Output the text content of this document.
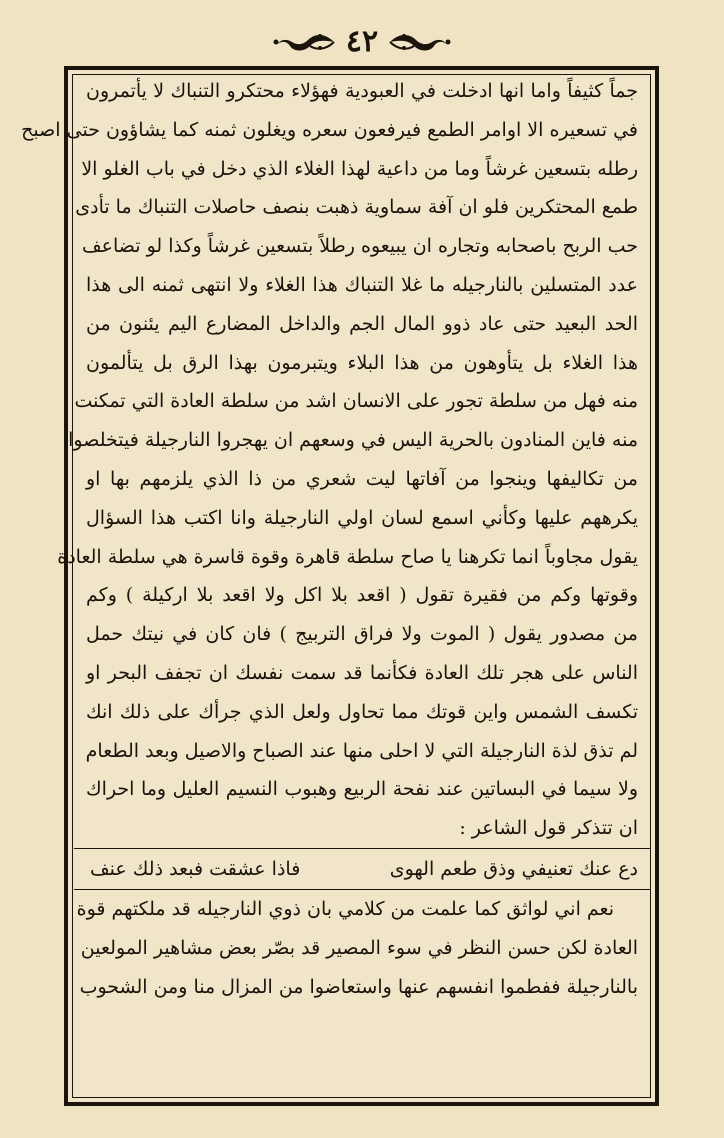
٤٢
جماً كثيفاً واما انها ادخلت في العبودية فهؤلاء محتكرو التنباك لا يأتمرون
في تسعيره الا اوامر الطمع فيرفعون سعره ويغلون ثمنه كما يشاؤون حتى اصبح
رطله بتسعين غرشاً وما من داعية لهذا الغلاء الذي دخل في باب الغلو الا
طمع المحتكرين فلو ان آفة سماوية ذهبت بنصف حاصلات التنباك ما تأدى
حب الربح باصحابه وتجاره ان يبيعوه رطلاً بتسعين غرشاً وكذا لو تضاعف
عدد المتسلين بالنارجيله ما غلا التنباك هذا الغلاء ولا انتهى ثمنه الى هذا
الحد البعيد حتى عاد ذوو المال الجم والداخل المضارع اليم يئنون من
هذا الغلاء بل يتأوهون من هذا البلاء ويتبرمون بهذا الرق بل يتألمون
منه فهل من سلطة تجور على الانسان اشد من سلطة العادة التي تمكنت
منه فاين المنادون بالحرية اليس في وسعهم ان يهجروا النارجيلة فيتخلصوا
من تكاليفها وينجوا من آفاتها ليت شعري من ذا الذي يلزمهم بها او
يكرههم عليها وكأني اسمع لسان اولي النارجيلة وانا اكتب هذا السؤال
يقول مجاوباً انما تكرهنا يا صاح سلطة قاهرة وقوة قاسرة هي سلطة العادة
وقوتها وكم من فقيرة تقول ( اقعد بلا اكل ولا اقعد بلا اركيلة ) وكم
من مصدور يقول ( الموت ولا فراق التربيج ) فان كان في نيتك حمل
الناس على هجر تلك العادة فكأنما قد سمت نفسك ان تجفف البحر او
تكسف الشمس واين قوتك مما تحاول ولعل الذي جرأك على ذلك انك
لم تذق لذة النارجيلة التي لا احلى منها عند الصباح والاصيل وبعد الطعام
ولا سيما في البساتين عند نفحة الربيع وهبوب النسيم العليل وما احراك
ان تتذكر قول الشاعر :
دع عنك تعنيفي وذق طعم الهوى
فاذا عشقت فبعد ذلك عنف
نعم اني لواثق كما علمت من كلامي بان ذوي النارجيله قد ملكتهم قوة
العادة لكن حسن النظر في سوء المصير قد بصّر بعض مشاهير المولعين
بالنارجيلة ففطموا انفسهم عنها واستعاضوا من المزال منا ومن الشحوب
